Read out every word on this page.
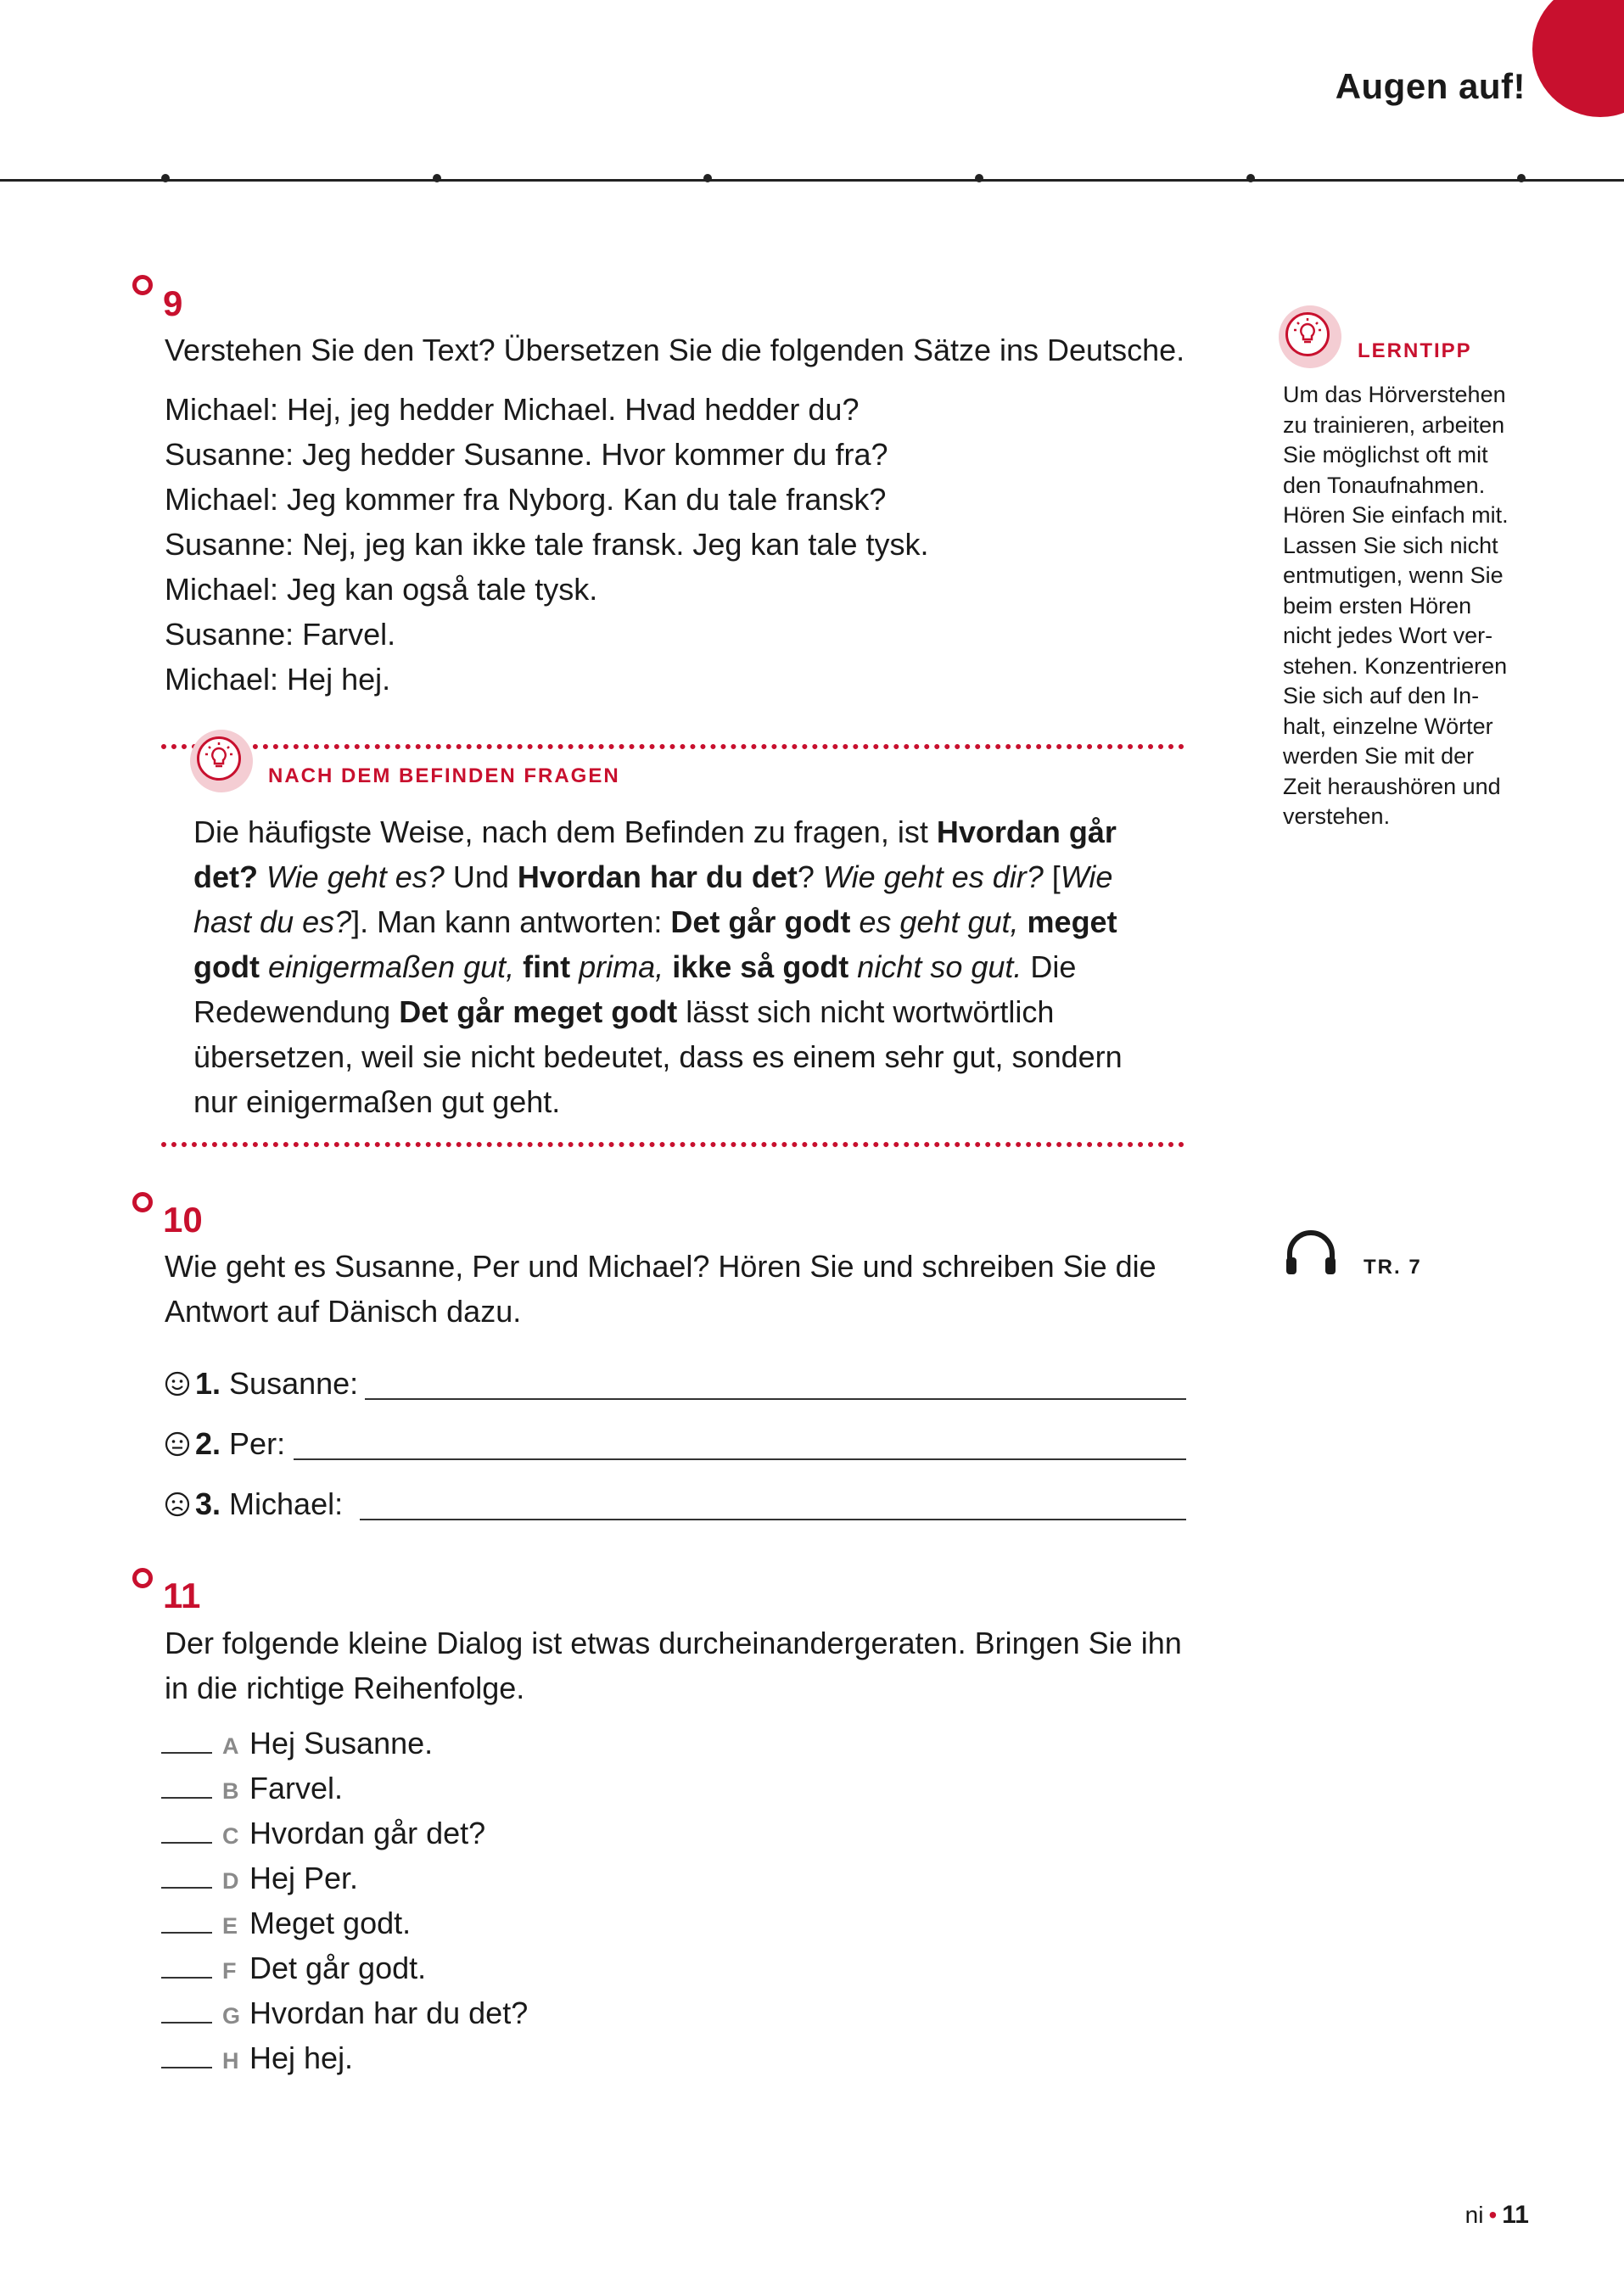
Augen auf!
9
Verstehen Sie den Text? Übersetzen Sie die folgenden Sätze ins Deutsche.
Michael: Hej, jeg hedder Michael. Hvad hedder du?
Susanne: Jeg hedder Susanne. Hvor kommer du fra?
Michael: Jeg kommer fra Nyborg. Kan du tale fransk?
Susanne: Nej, jeg kan ikke tale fransk. Jeg kan tale tysk.
Michael: Jeg kan også tale tysk.
Susanne: Farvel.
Michael: Hej hej.
NACH DEM BEFINDEN FRAGEN
Die häufigste Weise, nach dem Befinden zu fragen, ist Hvordan går det? Wie geht es? Und Hvordan har du det? Wie geht es dir? [Wie hast du es?]. Man kann antworten: Det går godt es geht gut, meget godt einigermaßen gut, fint prima, ikke så godt nicht so gut. Die Redewendung Det går meget godt lässt sich nicht wortwörtlich übersetzen, weil sie nicht bedeutet, dass es einem sehr gut, sondern nur einigermaßen gut geht.
LERNTIPP
Um das Hörverstehen
zu trainieren, arbeiten
Sie möglichst oft mit
den Tonaufnahmen.
Hören Sie einfach mit.
Lassen Sie sich nicht
entmutigen, wenn Sie
beim ersten Hören
nicht jedes Wort ver-
stehen. Konzentrieren
Sie sich auf den In-
halt, einzelne Wörter
werden Sie mit der
Zeit heraushören und
verstehen.
10
Wie geht es Susanne, Per und Michael? Hören Sie und schreiben Sie die Antwort auf Dänisch dazu.
TR. 7
1. Susanne:
2. Per:
3. Michael:
11
Der folgende kleine Dialog ist etwas durcheinandergeraten. Bringen Sie ihn in die richtige Reihenfolge.
A Hej Susanne.
B Farvel.
C Hvordan går det?
D Hej Per.
E Meget godt.
F Det går godt.
G Hvordan har du det?
H Hej hej.
ni • 11
